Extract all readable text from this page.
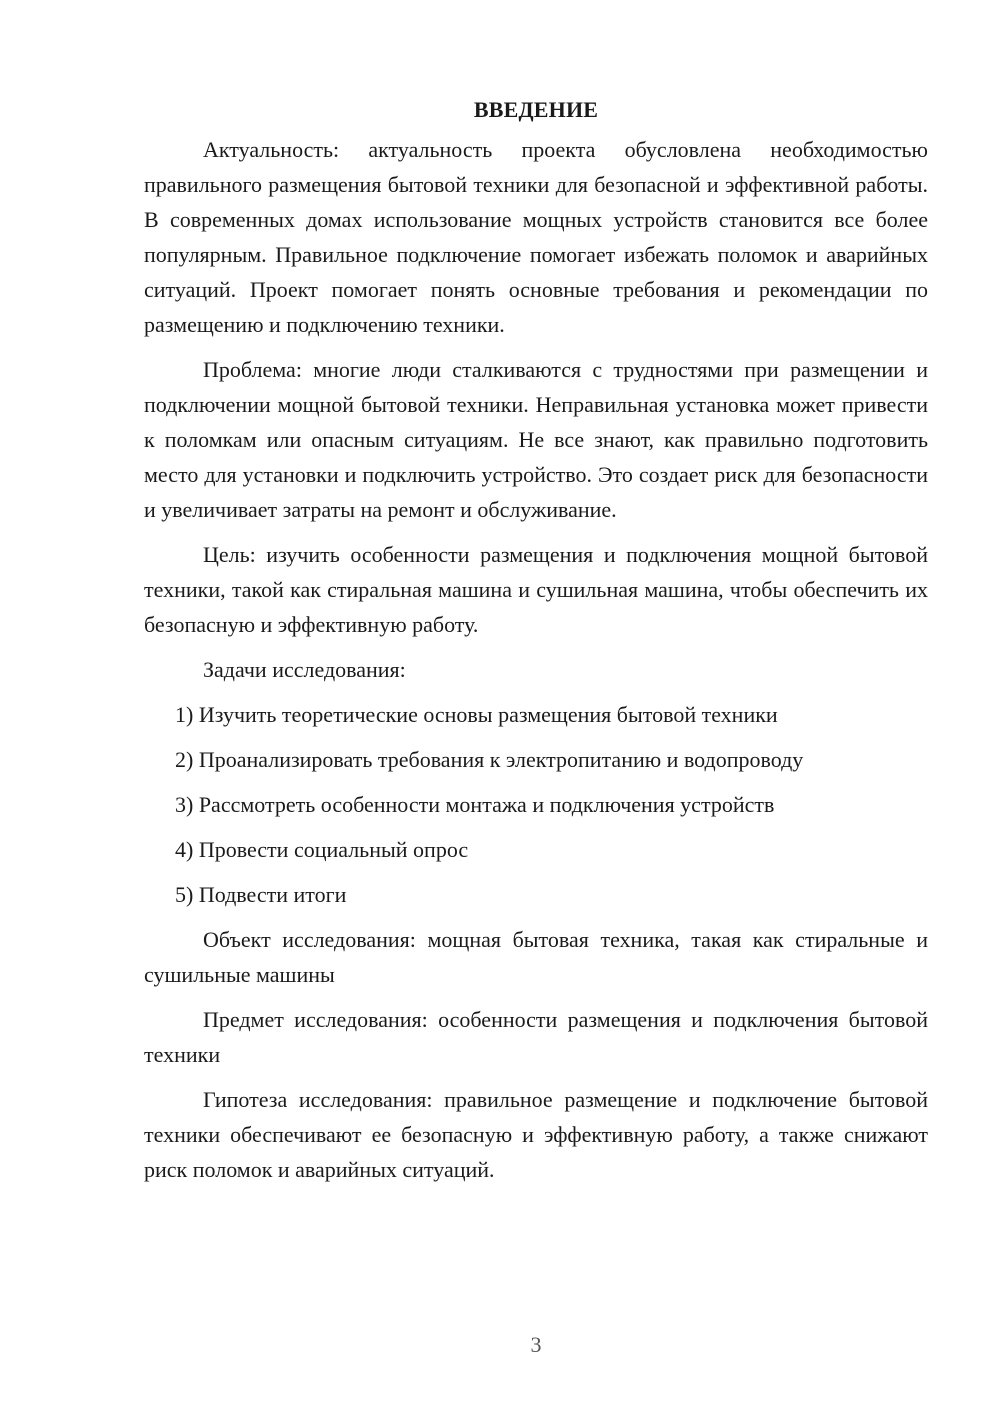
ВВЕДЕНИЕ

Актуальность: актуальность проекта обусловлена необходимостью правильного размещения бытовой техники для безопасной и эффективной работы. В современных домах использование мощных устройств становится все более популярным. Правильное подключение помогает избежать поломок и аварийных ситуаций. Проект помогает понять основные требования и рекомендации по размещению и подключению техники.

Проблема: многие люди сталкиваются с трудностями при размещении и подключении мощной бытовой техники. Неправильная установка может привести к поломкам или опасным ситуациям. Не все знают, как правильно подготовить место для установки и подключить устройство. Это создает риск для безопасности и увеличивает затраты на ремонт и обслуживание.

Цель: изучить особенности размещения и подключения мощной бытовой техники, такой как стиральная машина и сушильная машина, чтобы обеспечить их безопасную и эффективную работу.

Задачи исследования:

1) Изучить теоретические основы размещения бытовой техники
2) Проанализировать требования к электропитанию и водопроводу
3) Рассмотреть особенности монтажа и подключения устройств
4) Провести социальный опрос
5) Подвести итоги

Объект исследования: мощная бытовая техника, такая как стиральные и сушильные машины

Предмет исследования: особенности размещения и подключения бытовой техники

Гипотеза исследования: правильное размещение и подключение бытовой техники обеспечивают ее безопасную и эффективную работу, а также снижают риск поломок и аварийных ситуаций.

3
